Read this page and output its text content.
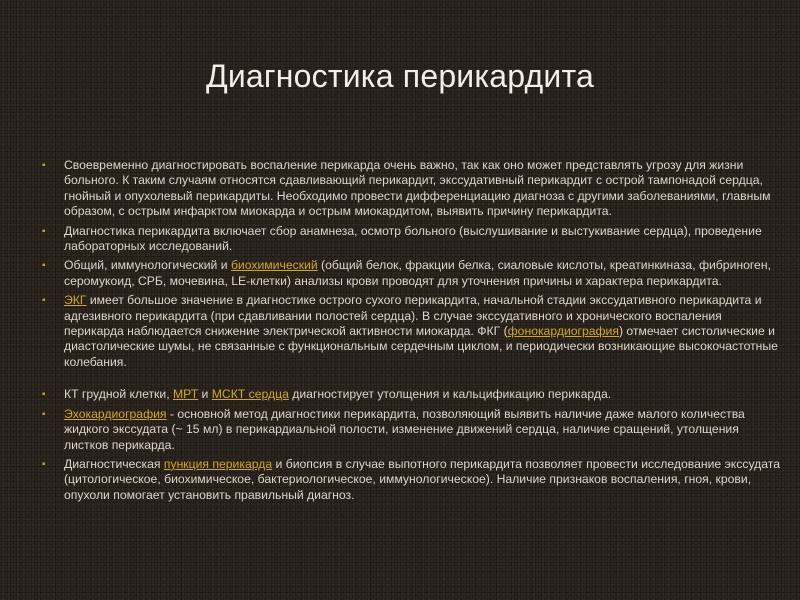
Диагностика перикардита
▪ Своевременно диагностировать воспаление перикарда очень важно, так как оно может представлять угрозу для жизни больного. К таким случаям относятся сдавливающий перикардит, экссудативный перикардит с острой тампонадой сердца, гнойный и опухолевый перикардиты. Необходимо провести дифференциацию диагноза с другими заболеваниями, главным образом, с острым инфарктом миокарда и острым миокардитом, выявить причину перикардита.
▪ Диагностика перикардита включает сбор анамнеза, осмотр больного (выслушивание и выстукивание сердца), проведение лабораторных исследований.
▪ Общий, иммунологический и биохимический (общий белок, фракции белка, сиаловые кислоты, креатинкиназа, фибриноген, серомукоид, СРБ, мочевина, LE-клетки) анализы крови проводят для уточнения причины и характера перикардита.
▪ ЭКГ имеет большое значение в диагностике острого сухого перикардита, начальной стадии экссудативного перикардита и адгезивного перикардита (при сдавливании полостей сердца). В случае экссудативного и хронического воспаления перикарда наблюдается снижение электрической активности миокарда. ФКГ (фонокардиография) отмечает систолические и диастолические шумы, не связанные с функциональным сердечным циклом, и периодически возникающие высокочастотные колебания.
▪ КТ грудной клетки, МРТ и МСКТ сердца диагностирует утолщения и кальцификацию перикарда.
▪ Эхокардиография - основной метод диагностики перикардита, позволяющий выявить наличие даже малого количества жидкого экссудата (~ 15 мл) в перикардиальной полости, изменение движений сердца, наличие сращений, утолщения листков перикарда.
▪ Диагностическая пункция перикарда и биопсия в случае выпотного перикардита позволяет провести исследование экссудата (цитологическое, биохимическое, бактериологическое, иммунологическое). Наличие признаков воспаления, гноя, крови, опухоли помогает установить правильный диагноз.
